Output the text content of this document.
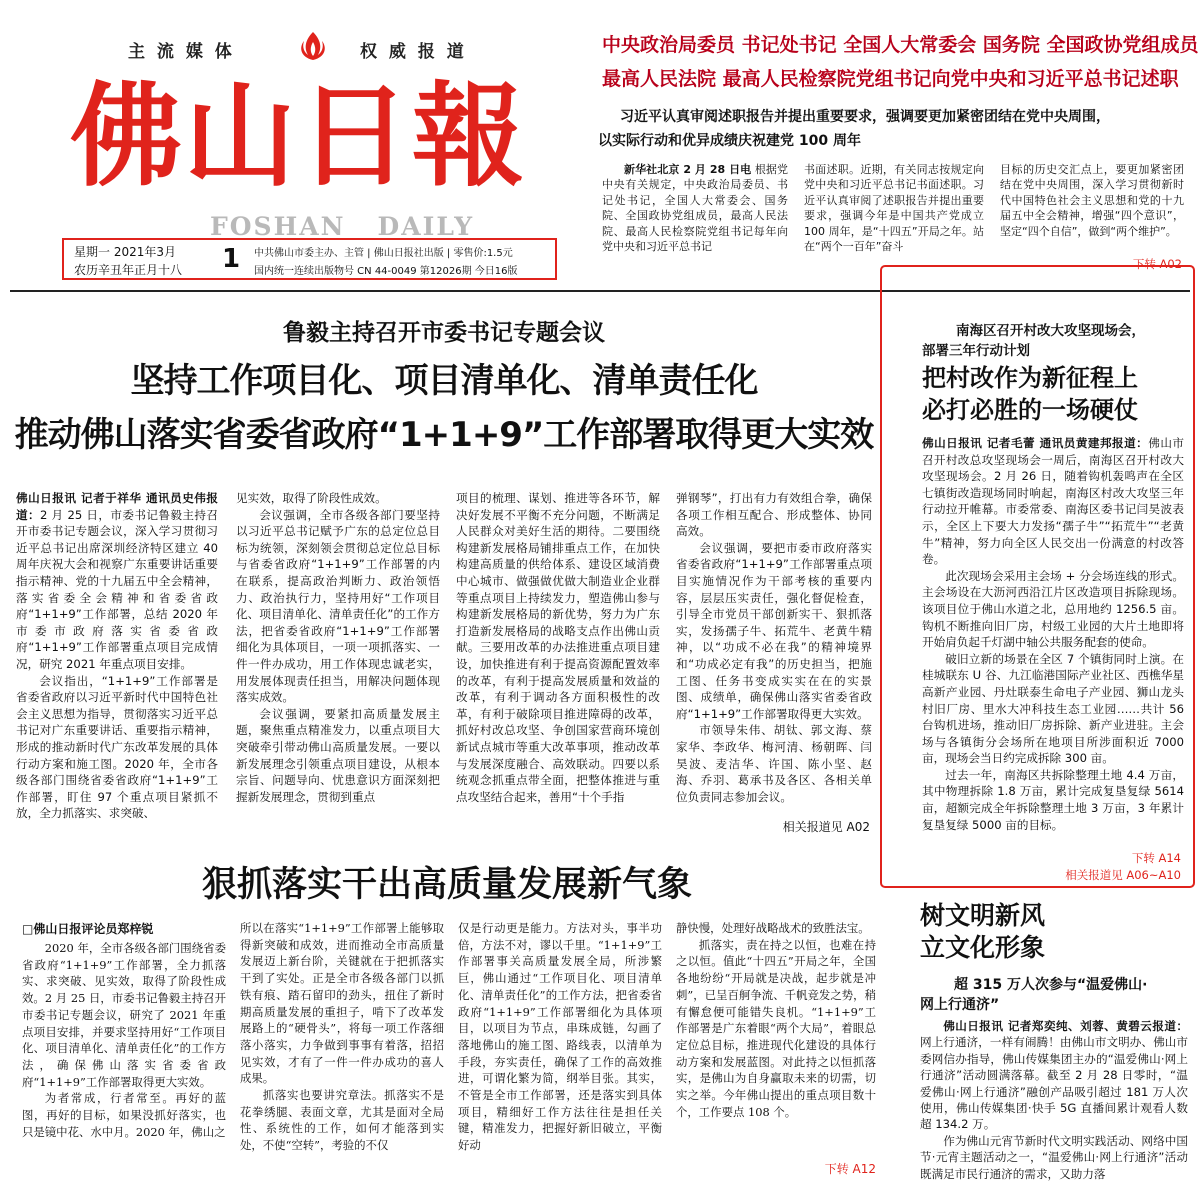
主 流 媒 体	权 威 报 道
佛山日報
FOSHAN   DAILY
星期一 2021年3月
农历辛丑年正月十八 1 中共佛山市委主办、主管 | 佛山日报社出版 | 零售价:1.5元
国内统一连续出版物号 CN 44-0049 第12026期 今日16版
中央政治局委员 书记处书记 全国人大常委会 国务院 全国政协党组成员
最高人民法院 最高人民检察院党组书记向党中央和习近平总书记述职
习近平认真审阅述职报告并提出重要要求，强调要更加紧密团结在党中央周围，
以实际行动和优异成绩庆祝建党 100 周年

新华社北京 2 月 28 日电 根据党中央有关规定，中央政治局委员、书记处书记，全国人大常委会、国务院、全国政协党组成员，最高人民法院、最高人民检察院党组书记每年向党中央和习近平总书记

书面述职。近期，有关同志按规定向党中央和习近平总书记书面述职。习近平认真审阅了述职报告并提出重要要求，强调今年是中国共产党成立 100 周年，是“十四五”开局之年。站在“两个一百年”奋斗

目标的历史交汇点上，要更加紧密团结在党中央周围，深入学习贯彻新时代中国特色社会主义思想和党的十九届五中全会精神，增强“四个意识”，坚定“四个自信”，做到“两个维护”。

下转 A02
鲁毅主持召开市委书记专题会议
坚持工作项目化、项目清单化、清单责任化
推动佛山落实省委省政府“1+1+9”工作部署取得更大实效

佛山日报讯 记者于祥华 通讯员史伟报道：2 月 25 日，市委书记鲁毅主持召开市委书记专题会议，深入学习贯彻习近平总书记出席深圳经济特区建立 40 周年庆祝大会和视察广东重要讲话重要指示精神、党的十九届五中全会精神，落实省委全会精神和省委省政府“1+1+9”工作部署，总结 2020 年市委市政府落实省委省政府“1+1+9”工作部署重点项目完成情况，研究 2021 年重点项目安排。

会议指出，“1+1+9”工作部署是省委省政府以习近平新时代中国特色社会主义思想为指导，贯彻落实习近平总书记对广东重要讲话、重要指示精神，形成的推动新时代广东改革发展的具体行动方案和施工图。2020 年，全市各级各部门围绕省委省政府“1+1+9”工作部署，盯住 97 个重点项目紧抓不放，全力抓落实、求突破、

见实效，取得了阶段性成效。

会议强调，全市各级各部门要坚持以习近平总书记赋予广东的总定位总目标为统领，深刻领会贯彻总定位总目标与省委省政府“1+1+9”工作部署的内在联系，提高政治判断力、政治领悟力、政治执行力，坚持用好“工作项目化、项目清单化、清单责任化”的工作方法，把省委省政府“1+1+9”工作部署细化为具体项目，一项一项抓落实、一件一件办成功，用工作体现忠诚老实，用发展体现责任担当，用解决问题体现落实成效。

会议强调，要紧扣高质量发展主题，聚焦重点精准发力，以重点项目大突破牵引带动佛山高质量发展。一要以新发展理念引领重点项目建设，从根本宗旨、问题导向、忧患意识方面深刻把握新发展理念，贯彻到重点

项目的梳理、谋划、推进等各环节，解决好发展不平衡不充分问题，不断满足人民群众对美好生活的期待。二要围绕构建新发展格局铺排重点工作，在加快构建高质量的供给体系、建设区域消费中心城市、做强做优做大制造业企业群等重点项目上持续发力，塑造佛山参与构建新发展格局的新优势，努力为广东打造新发展格局的战略支点作出佛山贡献。三要用改革的办法推进重点项目建设，加快推进有利于提高资源配置效率的改革，有利于提高发展质量和效益的改革，有利于调动各方面积极性的改革，有利于破除项目推进障碍的改革，抓好村改总攻坚、争创国家营商环境创新试点城市等重大改革事项，推动改革与发展深度融合、高效联动。四要以系统观念抓重点带全面，把整体推进与重点攻坚结合起来，善用“十个手指

弹钢琴”，打出有力有效组合拳，确保各项工作相互配合、形成整体、协同高效。

会议强调，要把市委市政府落实省委省政府“1+1+9”工作部署重点项目实施情况作为干部考核的重要内容，层层压实责任，强化督促检查，引导全市党员干部创新实干、狠抓落实，发扬孺子牛、拓荒牛、老黄牛精神，以“功成不必在我”的精神境界和“功成必定有我”的历史担当，把施工图、任务书变成实实在在的实景图、成绩单，确保佛山落实省委省政府“1+1+9”工作部署取得更大实效。

市领导朱伟、胡钛、郭文海、蔡家华、李政华、梅河清、杨朝晖、闫昊波、麦洁华、许国、陈小坚、赵海、乔羽、葛承书及各区、各相关单位负责同志参加会议。

相关报道见 A02
南海区召开村改大攻坚现场会，
部署三年行动计划
把村改作为新征程上
必打必胜的一场硬仗

佛山日报讯 记者毛蕾 通讯员黄建邦报道：佛山市召开村改总攻坚现场会一周后，南海区召开村改大攻坚现场会。2 月 26 日，随着钩机轰鸣声在全区七镇街改造现场同时响起，南海区村改大攻坚三年行动拉开帷幕。市委常委、南海区委书记闫昊波表示，全区上下要大力发扬“孺子牛”“拓荒牛”“老黄牛”精神，努力向全区人民交出一份满意的村改答卷。

此次现场会采用主会场 + 分会场连线的形式。主会场设在大沥河西沿江片区改造项目拆除现场。该项目位于佛山水道之北，总用地约 1256.5 亩。钩机不断推向旧厂房，村级工业园的大片土地即将开始肩负起千灯湖中轴公共服务配套的使命。

破旧立新的场景在全区 7 个镇街同时上演。在桂城联东 U 谷、九江临港国际产业社区、西樵华星高新产业园、丹灶联泰生命电子产业园、狮山龙头村旧厂房、里水大冲科技生态工业园……共计 56 台钩机进场，推动旧厂房拆除、新产业进驻。主会场与各镇街分会场所在地项目所涉面积近 7000 亩，现场会当日约完成拆除 300 亩。

过去一年，南海区共拆除整理土地 4.4 万亩，其中物理拆除 1.8 万亩，累计完成复垦复绿 5614 亩，超额完成全年拆除整理土地 3 万亩，3 年累计复垦复绿 5000 亩的目标。

下转 A14
相关报道见 A06~A10
狠抓落实干出高质量发展新气象
□佛山日报评论员郑梓锐

2020 年，全市各级各部门围绕省委省政府“1+1+9”工作部署，全力抓落实、求突破、见实效，取得了阶段性成效。2 月 25 日，市委书记鲁毅主持召开市委书记专题会议，研究了 2021 年重点项目安排，并要求坚持用好“工作项目化、项目清单化、清单责任化”的工作方法，确保佛山落实省委省政府“1+1+9”工作部署取得更大实效。

为者常成，行者常至。再好的蓝图，再好的目标，如果没抓好落实，也只是镜中花、水中月。2020 年，佛山之

所以在落实“1+1+9”工作部署上能够取得新突破和成效，进而推动全市高质量发展迈上新台阶，关键就在于把抓落实干到了实处。正是全市各级各部门以抓铁有痕、踏石留印的劲头，扭住了新时期高质量发展的重担子，啃下了改革发展路上的“硬骨头”，将每一项工作落细落小落实，力争做到事事有着落，招招见实效，才有了一件一件办成功的喜人成果。

抓落实也要讲究章法。抓落实不是花拳绣腿、表面文章，尤其是面对全局性、系统性的工作，如何才能落到实处，不使“空转”，考验的不仅

仅是行动更是能力。方法对头，事半功倍，方法不对，谬以千里。“1+1+9”工作部署事关高质量发展全局，所涉繁巨，佛山通过“工作项目化、项目清单化、清单责任化”的工作方法，把省委省政府“1+1+9”工作部署细化为具体项目，以项目为节点，串珠成链，勾画了落地佛山的施工图、路线表，以清单为手段，夯实责任，确保了工作的高效推进，可谓化繁为简，纲举目张。其实，不管是全市工作部署，还是落实到具体项目，精细好工作方法往往是担任关键，精准发力，把握好新旧破立，平衡好动

静快慢，处理好战略战术的致胜法宝。

抓落实，责在持之以恒，也难在持之以恒。值此“十四五”开局之年，全国各地纷纷“开局就是决战，起步就是冲刺”，已呈百舸争流、千帆竞发之势，稍有懈怠便可能错失良机。“1+1+9”工作部署是广东着眼“两个大局”，着眼总定位总目标，推进现代化建设的具体行动方案和发展蓝图。对此持之以恒抓落实，是佛山为自身赢取未来的切需，切实之举。今年佛山提出的重点项目数十个，工作要点 108 个。

下转 A12
树文明新风
立文化形象
超 315 万人次参与“温爱佛山·
网上行通济”

佛山日报讯 记者郑奕纯、刘蓉、黄碧云报道：网上行通济，一样有闹腾！由佛山市文明办、佛山市委网信办指导，佛山传媒集团主办的“温爱佛山·网上行通济”活动圆满落幕。截至 2 月 28 日零时，“温爱佛山·网上行通济”融创产品吸引超过 181 万人次使用，佛山传媒集团·快手 5G 直播间累计观看人数超 134.2 万。

作为佛山元宵节新时代文明实践活动、网络中国节·元宵主题活动之一，“温爱佛山·网上行通济”活动既满足市民行通济的需求，又助力落
